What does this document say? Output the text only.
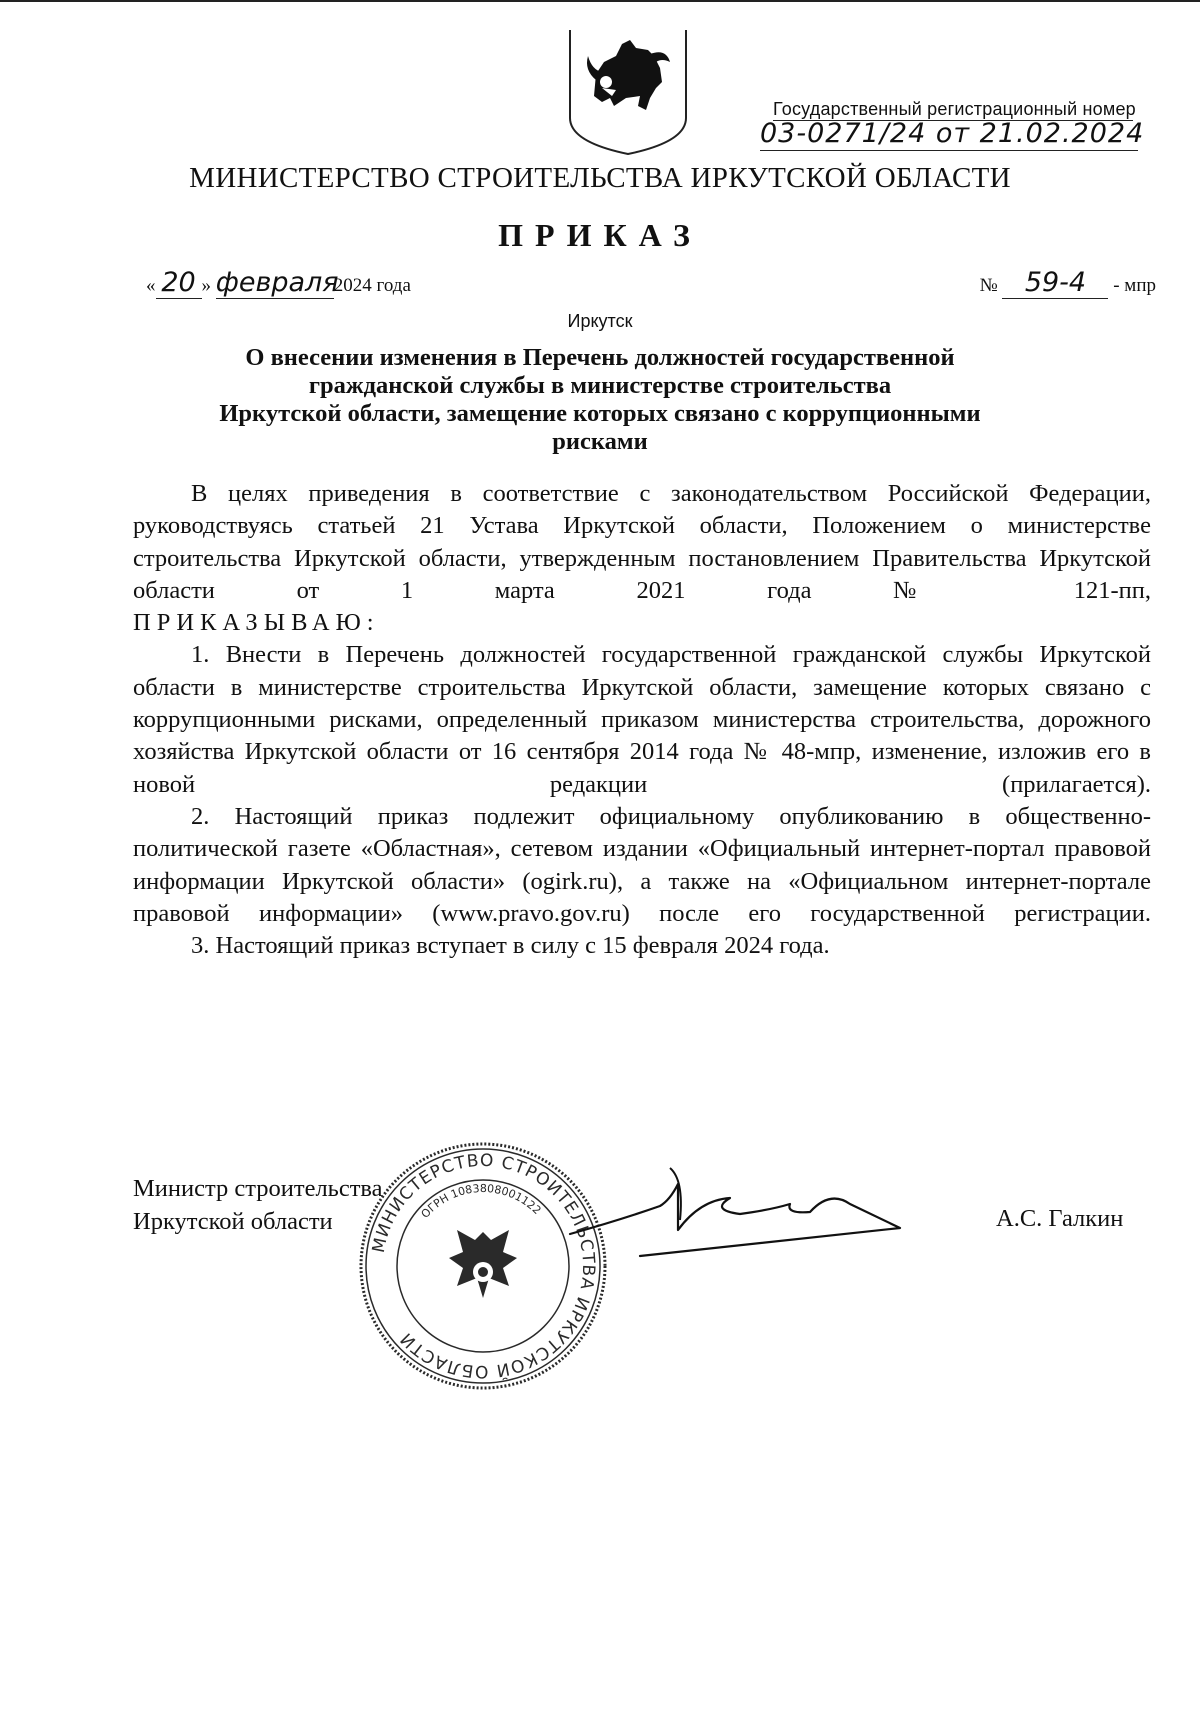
Государственный регистрационный номер
03-0271/24 от 21.02.2024
МИНИСТЕРСТВО СТРОИТЕЛЬСТВА ИРКУТСКОЙ ОБЛАСТИ
ПРИКАЗ
« 20 » февраля2024 года	№ 59-4 - мпр
Иркутск
О внесении изменения в Перечень должностей государственной
гражданской службы в министерстве строительства
Иркутской области, замещение которых связано с коррупционными
рисками

В целях приведения в соответствие с законодательством Российской Федерации, руководствуясь статьей 21 Устава Иркутской области, Положением о министерстве строительства Иркутской области, утвержденным постановлением Правительства Иркутской области от 1 марта 2021 года № 121-пп,

ПРИКАЗЫВАЮ:

1. Внести в Перечень должностей государственной гражданской службы Иркутской области в министерстве строительства Иркутской области, замещение которых связано с коррупционными рисками, определенный приказом министерства строительства, дорожного хозяйства Иркутской области от 16 сентября 2014 года № 48-мпр, изменение, изложив его в новой редакции (прилагается).

2. Настоящий приказ подлежит официальному опубликованию в общественно-политической газете «Областная», сетевом издании «Официальный интернет-портал правовой информации Иркутской области» (ogirk.ru), а также на «Официальном интернет-портале правовой информации» (www.pravo.gov.ru) после его государственной регистрации.

3. Настоящий приказ вступает в силу с 15 февраля 2024 года.

Министр строительства
Иркутской области	А.С. Галкин
МИНИСТЕРСТВО СТРОИТЕЛЬСТВА ИРКУТСКОЙ ОБЛАСТИ
ОГРН 1083808001122
